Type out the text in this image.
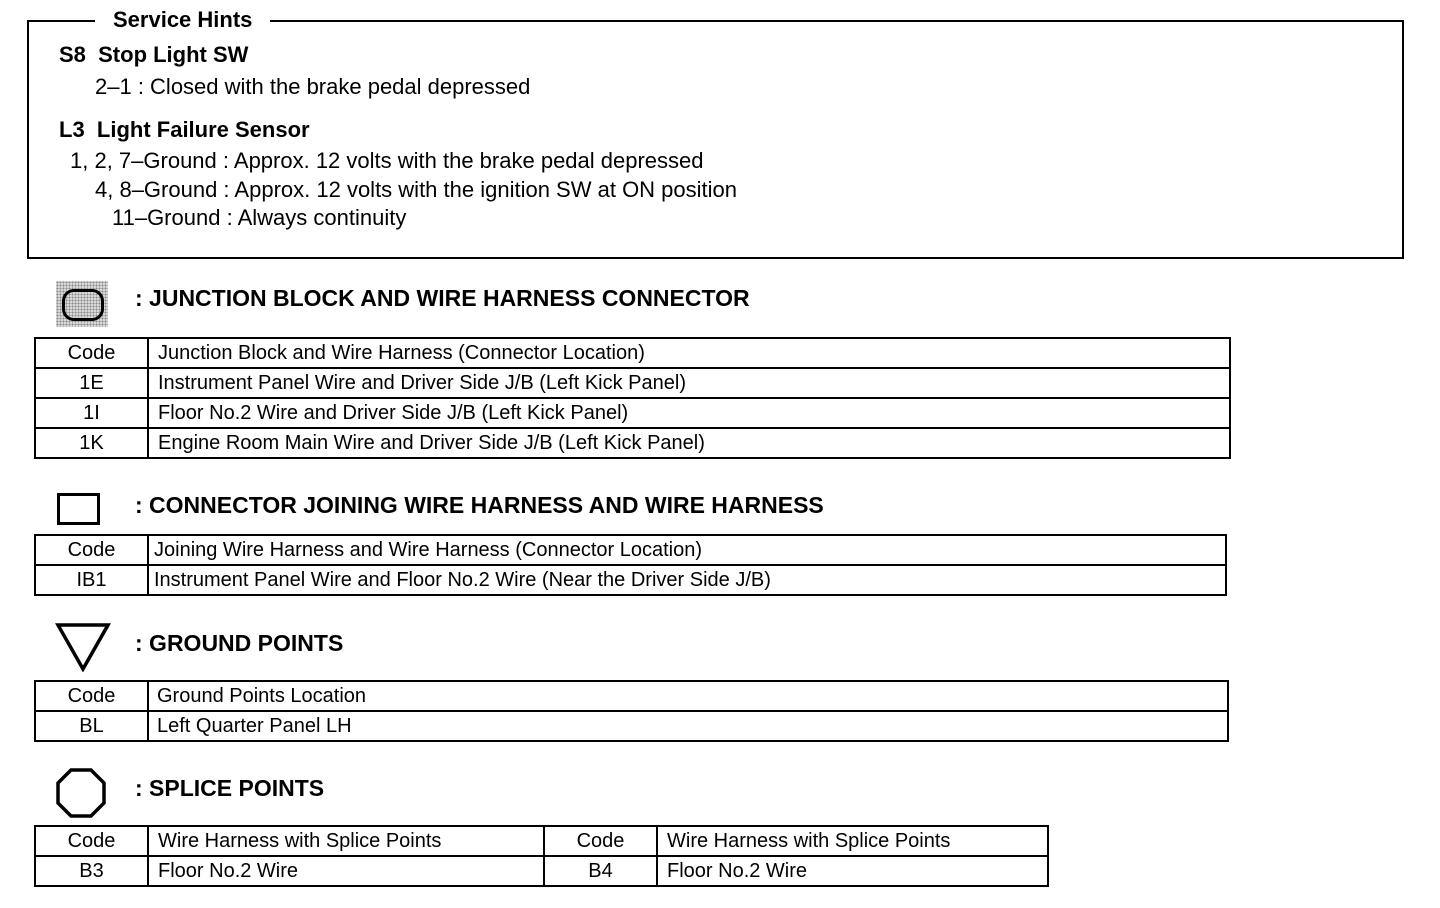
Service Hints
S8  Stop Light SW
2–1 : Closed with the brake pedal depressed
L3  Light Failure Sensor
1, 2, 7–Ground : Approx. 12 volts with the brake pedal depressed
4, 8–Ground : Approx. 12 volts with the ignition SW at ON position
11–Ground : Always continuity
: JUNCTION BLOCK AND WIRE HARNESS CONNECTOR
Code	Junction Block and Wire Harness (Connector Location)
1E	Instrument Panel Wire and Driver Side J/B (Left Kick Panel)
1I	Floor No.2 Wire and Driver Side J/B (Left Kick Panel)
1K	Engine Room Main Wire and Driver Side J/B (Left Kick Panel)
: CONNECTOR JOINING WIRE HARNESS AND WIRE HARNESS
Code	Joining Wire Harness and Wire Harness (Connector Location)
IB1	Instrument Panel Wire and Floor No.2 Wire (Near the Driver Side J/B)
: GROUND POINTS
Code	Ground Points Location
BL	Left Quarter Panel LH
: SPLICE POINTS
Code	Wire Harness with Splice Points	Code	Wire Harness with Splice Points
B3	Floor No.2 Wire	B4	Floor No.2 Wire
